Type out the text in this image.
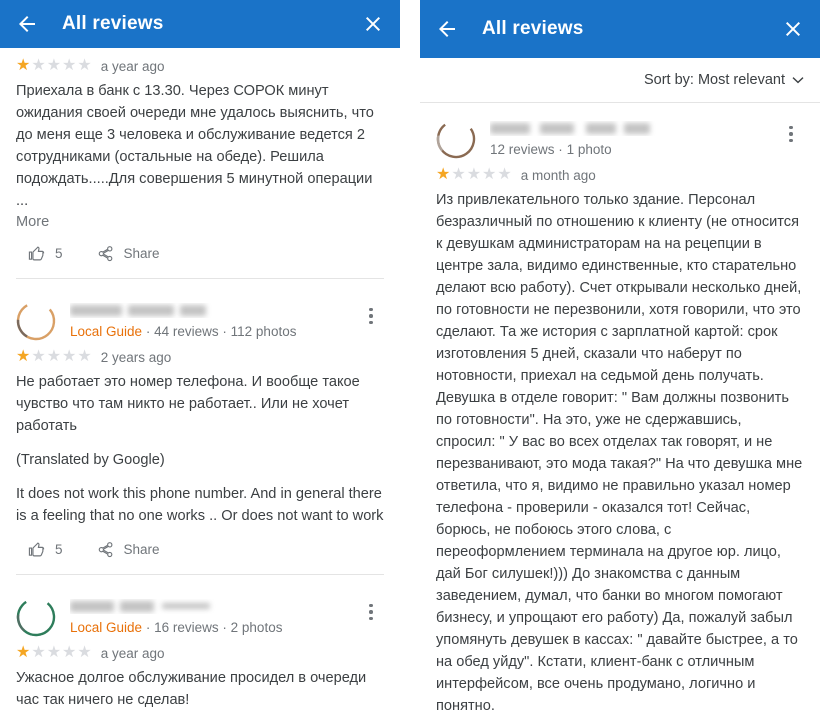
All reviews
★ ★ ★ ★ ★ a year ago

Приехала в банк с 13.30. Через СОРОК минут ожидания своей очереди мне удалось выяснить, что до меня еще 3 человека и обслуживание ведется 2 сотрудниками (остальные на обеде). Решила подождать.....Для совершения 5 минутной операции ...

More
5	Share
Local Guide · 44 reviews · 112 photos
★ ★ ★ ★ ★ 2 years ago

Не работает это номер телефона. И вообще такое чувство что там никто не работает.. Или не хочет работать

(Translated by Google)

It does not work this phone number. And in general there is a feeling that no one works .. Or does not want to work

5	Share
Local Guide · 16 reviews · 2 photos
★ ★ ★ ★ ★ a year ago

Ужасное долгое обслуживание просидел в очереди час так ничего не сделав!

All reviews
Sort by: Most relevant
12 reviews · 1 photo
★ ★ ★ ★ ★ a month ago

Из привлекательного только здание. Персонал безразличный по отношению к клиенту (не относится к девушкам администраторам на на рецепции в центре зала, видимо единственные, кто старательно делают всю работу). Счет открывали несколько дней, по готовности не перезвонили, хотя говорили, что это сделают. Та же история с зарплатной картой: срок изготовления 5 дней, сказали что наберут по нотовности, приехал на седьмой день получать. Девушка в отделе говорит: " Вам должны позвонить по готовности". На это, уже не сдержавшись, спросил: " У вас во всех отделах так говорят, и не перезванивают, это мода такая?" На что девушка мне ответила, что я, видимо не правильно указал номер телефона - проверили - оказался тот! Сейчас, борюсь, не побоюсь этого слова, с переоформлением терминала на другое юр. лицо, дай Бог силушек!))) До знакомства с данным заведением, думал, что банки во многом помогают бизнесу, и упрощают его работу) Да, пожалуй забыл упомянуть девушек в кассах: " давайте быстрее, а то на обед уйду". Кстати, клиент-банк с отличным интерфейсом, все очень продумано, логично и понятно.
